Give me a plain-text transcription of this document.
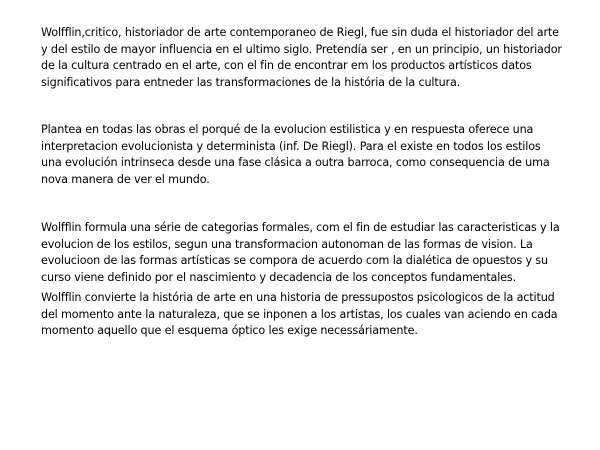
Wolfflin,critico, historiador de arte contemporaneo de Riegl, fue sin duda el historiador del arte y del estilo de mayor influencia en el ultimo siglo. Pretendía ser , en un principio, un historiador de la cultura centrado en el arte, con el fin de encontrar em los productos artísticos datos significativos para entneder las transformaciones de la história de la cultura.

Plantea en todas las obras el porqué de la evolucion estilistica y en respuesta oferece una interpretacion evolucionista y determinista (inf. De Riegl). Para el existe en todos los estilos una evolución intrinseca desde una fase clásica a outra barroca, como consequencia de uma nova manera de ver el mundo.

Wolfflin formula una série de categorias formales, com el fin de estudiar las caracteristicas y la evolucion de los estilos, segun una transformacion autonoman de las formas de vision. La evolucioon de las formas artísticas se compora de acuerdo com la dialética de opuestos y su curso viene definido por el nascimiento y decadencia de los conceptos fundamentales.

Wolfflin convierte la história de arte en una historia de pressupostos psicologicos de la actitud del momento ante la naturaleza, que se inponen a los artistas, los cuales van aciendo en cada momento aquello que el esquema óptico les exige necessáriamente.
